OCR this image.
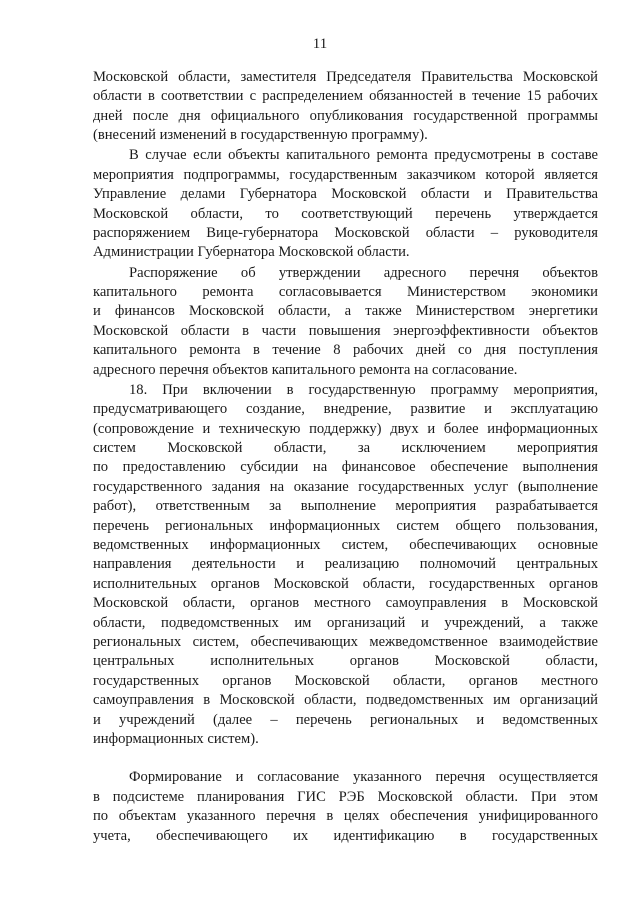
11
Московской области, заместителя Председателя Правительства Московской
области в соответствии с распределением обязанностей в течение 15 рабочих
дней после дня официального опубликования государственной программы
(внесений изменений в государственную программу).
В случае если объекты капитального ремонта предусмотрены в составе
мероприятия подпрограммы, государственным заказчиком которой является
Управление делами Губернатора Московской области и Правительства
Московской области, то соответствующий перечень утверждается
распоряжением Вице-губернатора Московской области – руководителя
Администрации Губернатора Московской области.
Распоряжение об утверждении адресного перечня объектов
капитального ремонта согласовывается Министерством экономики
и финансов Московской области, а также Министерством энергетики
Московской области в части повышения энергоэффективности объектов
капитального ремонта в течение 8 рабочих дней со дня поступления
адресного перечня объектов капитального ремонта на согласование.
18. При включении в государственную программу мероприятия,
предусматривающего создание, внедрение, развитие и эксплуатацию
(сопровождение и техническую поддержку) двух и более информационных
систем Московской области, за исключением мероприятия
по предоставлению субсидии на финансовое обеспечение выполнения
государственного задания на оказание государственных услуг (выполнение
работ), ответственным за выполнение мероприятия разрабатывается
перечень региональных информационных систем общего пользования,
ведомственных информационных систем, обеспечивающих основные
направления деятельности и реализацию полномочий центральных
исполнительных органов Московской области, государственных органов
Московской области, органов местного самоуправления в Московской
области, подведомственных им организаций и учреждений, а также
региональных систем, обеспечивающих межведомственное взаимодействие
центральных исполнительных органов Московской области,
государственных органов Московской области, органов местного
самоуправления в Московской области, подведомственных им организаций
и учреждений (далее – перечень региональных и ведомственных
информационных систем).
Формирование и согласование указанного перечня осуществляется
в подсистеме планирования ГИС РЭБ Московской области. При этом
по объектам указанного перечня в целях обеспечения унифицированного
учета, обеспечивающего их идентификацию в государственных
